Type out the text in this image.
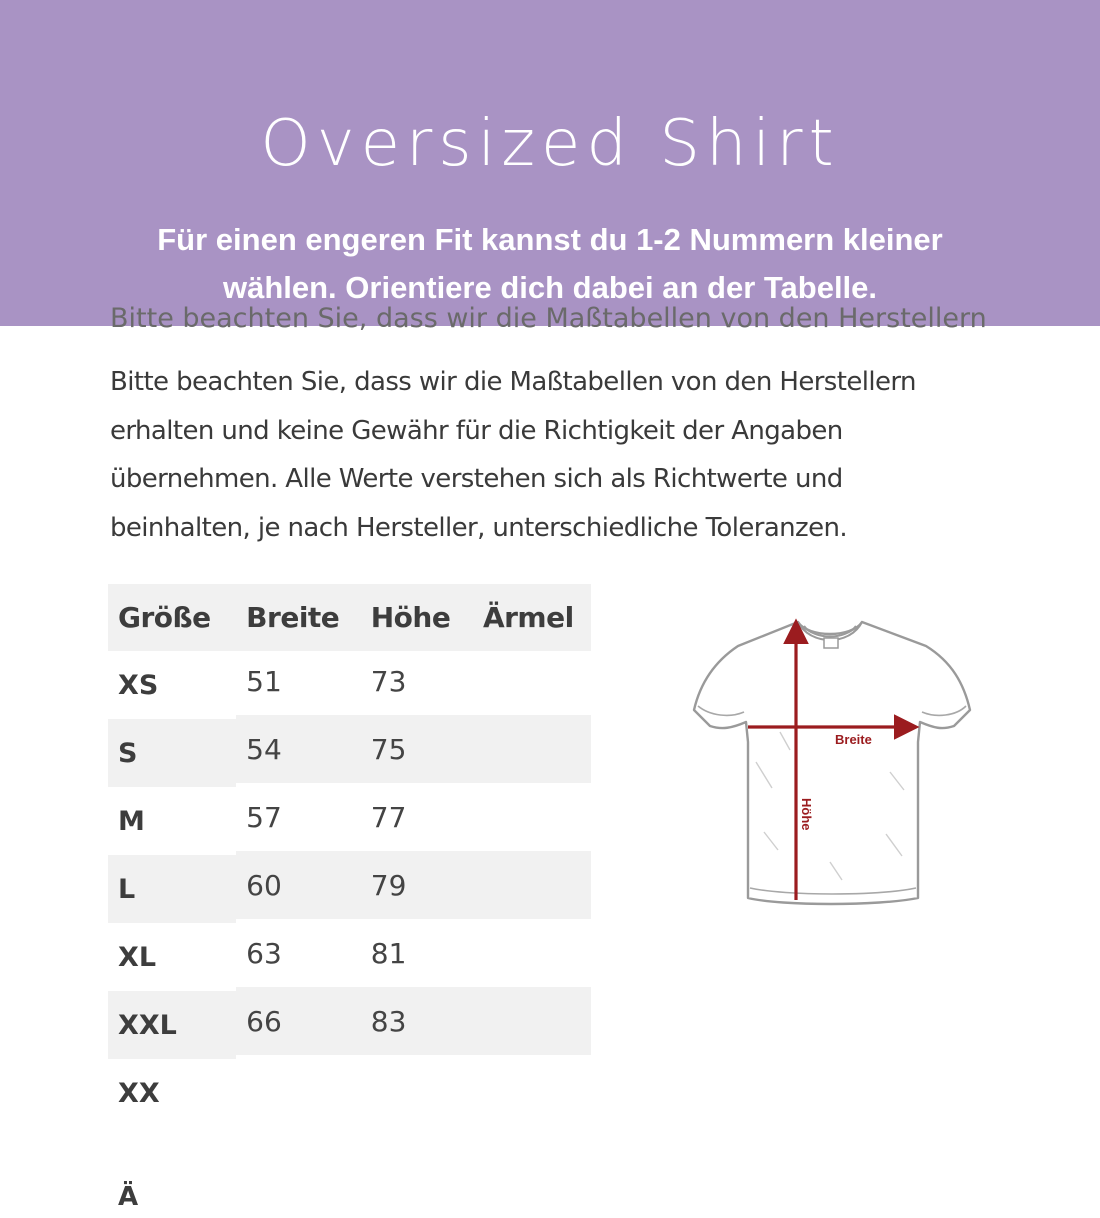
Oversized Shirt
Für einen engeren Fit kannst du 1-2 Nummern kleiner
wählen. Orientiere dich dabei an der Tabelle.
Bitte beachten Sie, dass wir die Maßtabellen von den Herstellern
Bitte beachten Sie, dass wir die Maßtabellen von den Herstellern
erhalten und keine Gewähr für die Richtigkeit der Angaben
übernehmen. Alle Werte verstehen sich als Richtwerte und
beinhalten, je nach Hersteller, unterschiedliche Toleranzen.
Größe	Breite	Höhe	Ärmel
XS	51	73	
S	54	75	
M	57	77	
L	60	79	
XL	63	81	
XXL	66	83	
XX			
Breite
Höhe
Ä
